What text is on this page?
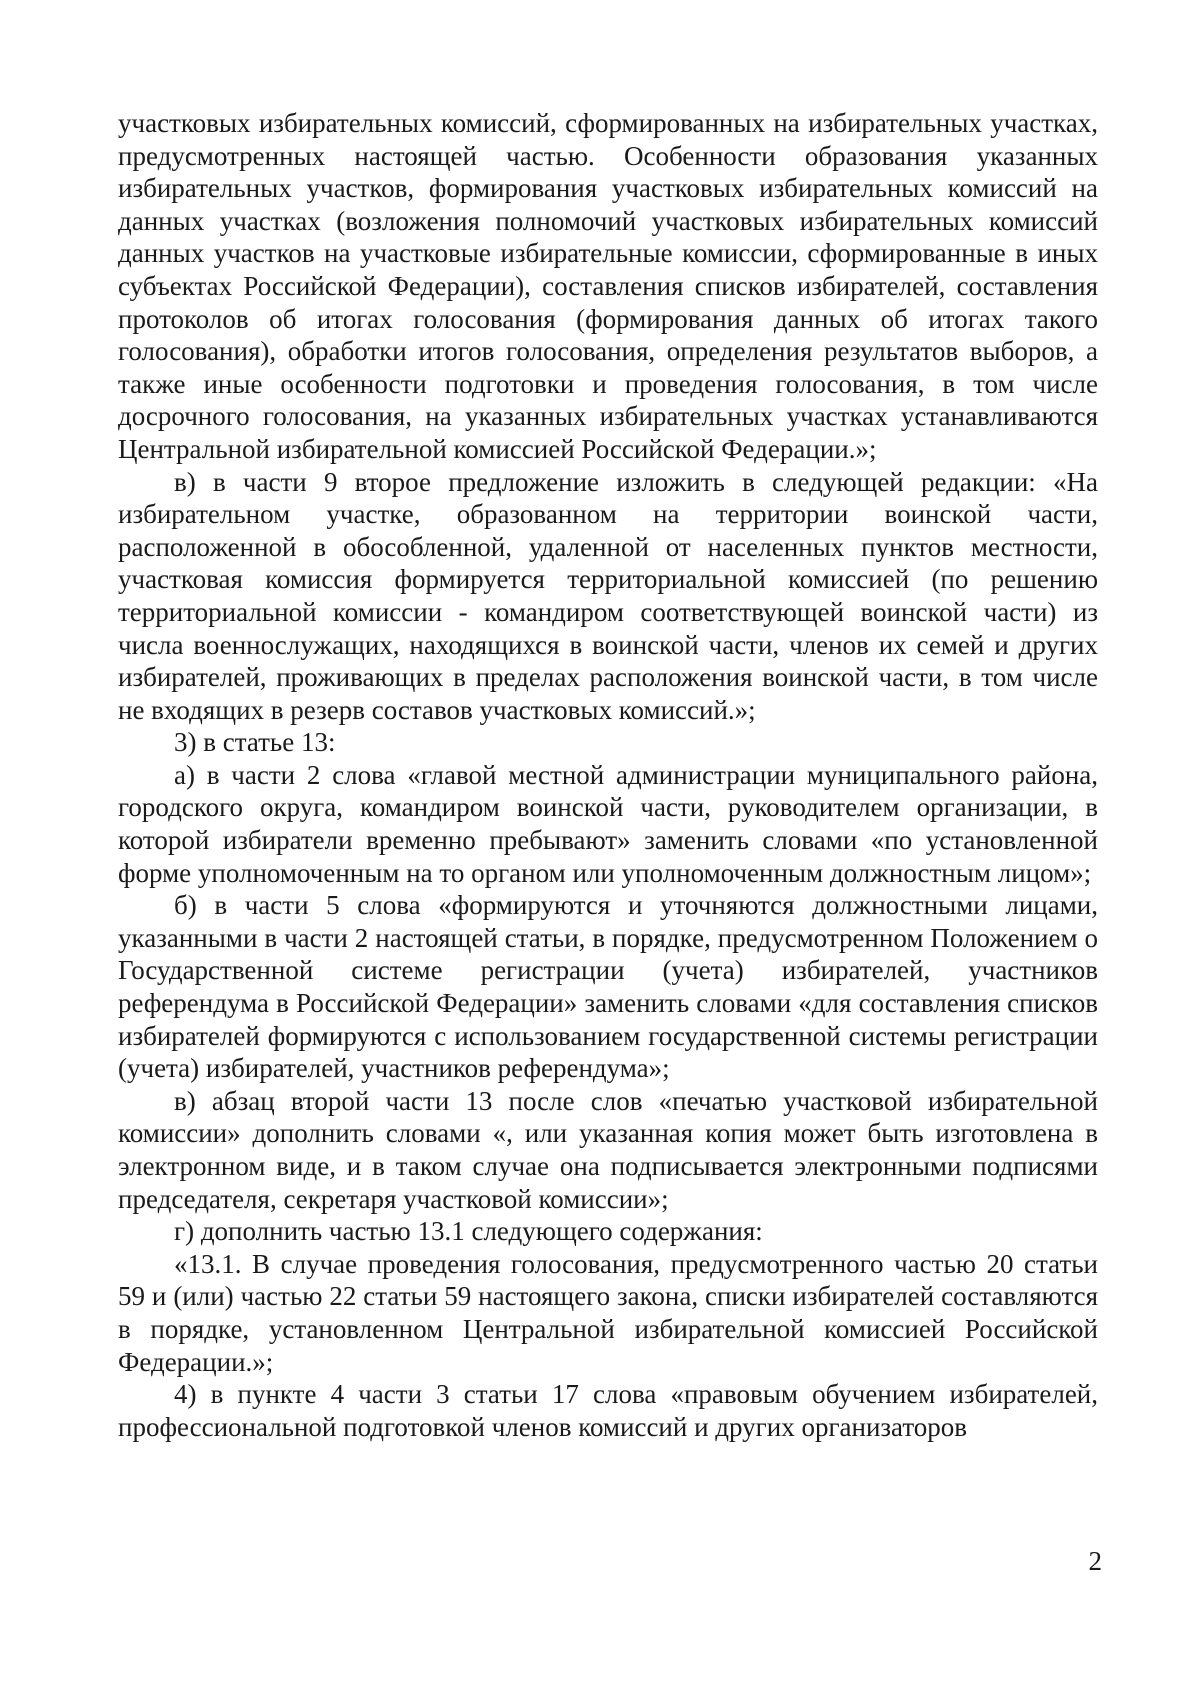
участковых избирательных комиссий, сформированных на избирательных участках, предусмотренных настоящей частью. Особенности образования указанных избирательных участков, формирования участковых избирательных комиссий на данных участках (возложения полномочий участковых избирательных комиссий данных участков на участковые избирательные комиссии, сформированные в иных субъектах Российской Федерации), составления списков избирателей, составления протоколов об итогах голосования (формирования данных об итогах такого голосования), обработки итогов голосования, определения результатов выборов, а также иные особенности подготовки и проведения голосования, в том числе досрочного голосования, на указанных избирательных участках устанавливаются Центральной избирательной комиссией Российской Федерации.»;

в) в части 9 второе предложение изложить в следующей редакции: «На избирательном участке, образованном на территории воинской части, расположенной в обособленной, удаленной от населенных пунктов местности, участковая комиссия формируется территориальной комиссией (по решению территориальной комиссии - командиром соответствующей воинской части) из числа военнослужащих, находящихся в воинской части, членов их семей и других избирателей, проживающих в пределах расположения воинской части, в том числе не входящих в резерв составов участковых комиссий.»;

3) в статье 13:

а) в части 2 слова «главой местной администрации муниципального района, городского округа, командиром воинской части, руководителем организации, в которой избиратели временно пребывают» заменить словами «по установленной форме уполномоченным на то органом или уполномоченным должностным лицом»;

б) в части 5 слова «формируются и уточняются должностными лицами, указанными в части 2 настоящей статьи, в порядке, предусмотренном Положением о Государственной системе регистрации (учета) избирателей, участников референдума в Российской Федерации» заменить словами «для составления списков избирателей формируются с использованием государственной системы регистрации (учета) избирателей, участников референдума»;

в) абзац второй части 13 после слов «печатью участковой избирательной комиссии» дополнить словами «, или указанная копия может быть изготовлена в электронном виде, и в таком случае она подписывается электронными подписями председателя, секретаря участковой комиссии»;

г) дополнить частью 13.1 следующего содержания:

«13.1. В случае проведения голосования, предусмотренного частью 20 статьи 59 и (или) частью 22 статьи 59 настоящего закона, списки избирателей составляются в порядке, установленном Центральной избирательной комиссией Российской Федерации.»;

4) в пункте 4 части 3 статьи 17 слова «правовым обучением избирателей, профессиональной подготовкой членов комиссий и других организаторов

2
